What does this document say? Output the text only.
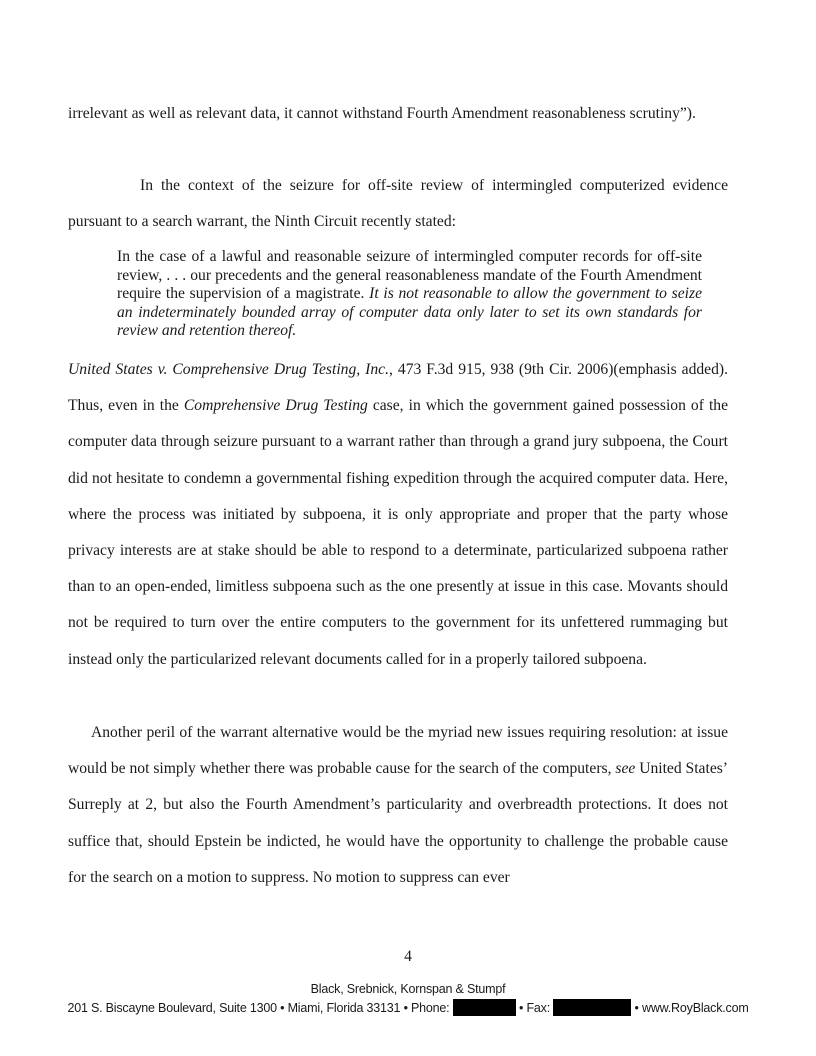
irrelevant as well as relevant data, it cannot withstand Fourth Amendment reasonableness scrutiny”).

In the context of the seizure for off-site review of intermingled computerized evidence pursuant to a search warrant, the Ninth Circuit recently stated:

In the case of a lawful and reasonable seizure of intermingled computer records for off-site review, . . . our precedents and the general reasonableness mandate of the Fourth Amendment require the supervision of a magistrate. It is not reasonable to allow the government to seize an indeterminately bounded array of computer data only later to set its own standards for review and retention thereof.

United States v. Comprehensive Drug Testing, Inc., 473 F.3d 915, 938 (9th Cir. 2006)(emphasis added). Thus, even in the Comprehensive Drug Testing case, in which the government gained possession of the computer data through seizure pursuant to a warrant rather than through a grand jury subpoena, the Court did not hesitate to condemn a governmental fishing expedition through the acquired computer data. Here, where the process was initiated by subpoena, it is only appropriate and proper that the party whose privacy interests are at stake should be able to respond to a determinate, particularized subpoena rather than to an open-ended, limitless subpoena such as the one presently at issue in this case. Movants should not be required to turn over the entire computers to the government for its unfettered rummaging but instead only the particularized relevant documents called for in a properly tailored subpoena.

Another peril of the warrant alternative would be the myriad new issues requiring resolution: at issue would be not simply whether there was probable cause for the search of the computers, see United States’ Surreply at 2, but also the Fourth Amendment’s particularity and overbreadth protections. It does not suffice that, should Epstein be indicted, he would have the opportunity to challenge the probable cause for the search on a motion to suppress. No motion to suppress can ever

4
Black, Srebnick, Kornspan & Stumpf
201 S. Biscayne Boulevard, Suite 1300 • Miami, Florida 33131 • Phone:	• Fax:	• www.RoyBlack.com
